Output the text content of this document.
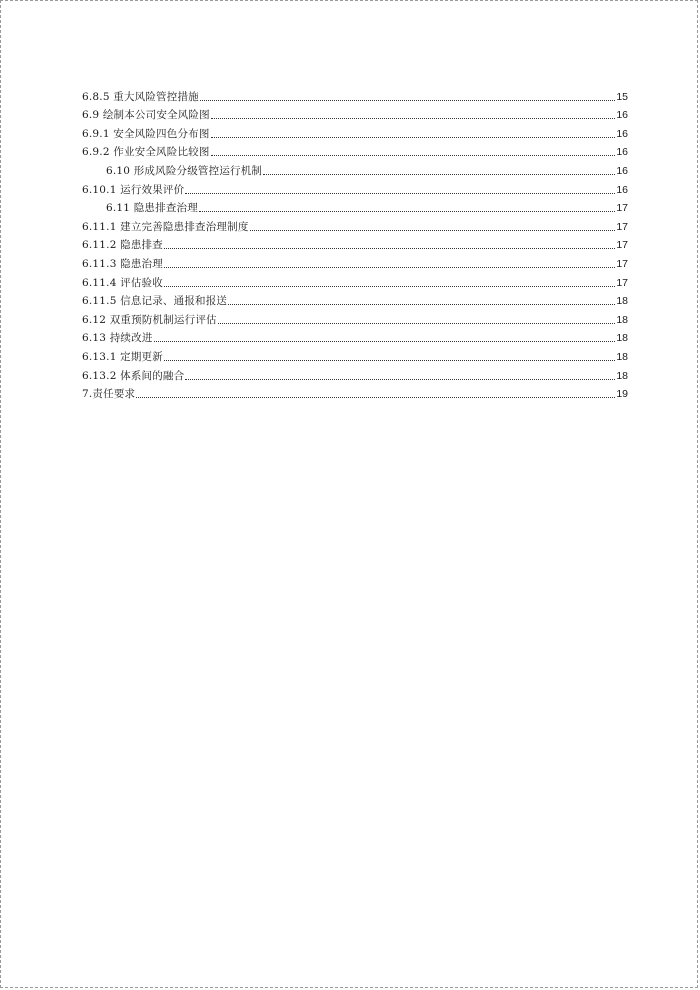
6.8.5 重大风险管控措施	15
6.9 绘制本公司安全风险图	16
6.9.1 安全风险四色分布图	16
6.9.2 作业安全风险比较图	16
6.10 形成风险分级管控运行机制	16
6.10.1 运行效果评价	16
6.11 隐患排查治理	17
6.11.1 建立完善隐患排查治理制度	17
6.11.2 隐患排查	17
6.11.3 隐患治理	17
6.11.4 评估验收	17
6.11.5 信息记录、通报和报送	18
6.12 双重预防机制运行评估	18
6.13 持续改进	18
6.13.1 定期更新	18
6.13.2 体系间的融合	18
7.责任要求	19
